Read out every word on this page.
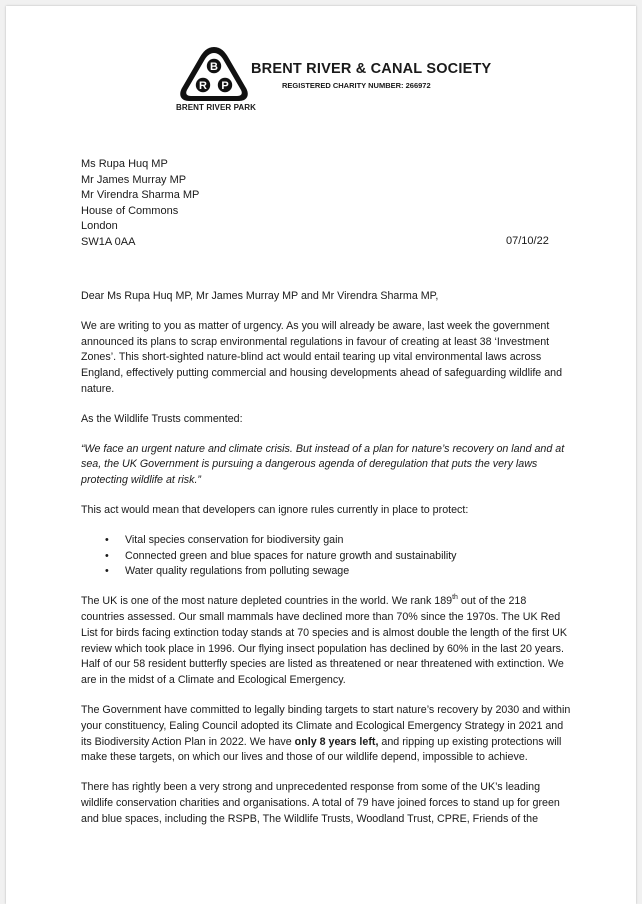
B
R P
BRENT RIVER PARK
BRENT RIVER & CANAL SOCIETY
REGISTERED CHARITY NUMBER: 266972
Ms Rupa Huq MP
Mr James Murray MP
Mr Virendra Sharma MP
House of Commons
London
SW1A 0AA	07/10/22

Dear Ms Rupa Huq MP, Mr James Murray MP and Mr Virendra Sharma MP,

We are writing to you as matter of urgency. As you will already be aware, last week the government announced its plans to scrap environmental regulations in favour of creating at least 38 ‘Investment Zones’. This short-sighted nature-blind act would entail tearing up vital environmental laws across England, effectively putting commercial and housing developments ahead of safeguarding wildlife and nature.

As the Wildlife Trusts commented:

“We face an urgent nature and climate crisis. But instead of a plan for nature’s recovery on land and at sea, the UK Government is pursuing a dangerous agenda of deregulation that puts the very laws protecting wildlife at risk.”

This act would mean that developers can ignore rules currently in place to protect:

• Vital species conservation for biodiversity gain
• Connected green and blue spaces for nature growth and sustainability
• Water quality regulations from polluting sewage

The UK is one of the most nature depleted countries in the world. We rank 189th out of the 218 countries assessed. Our small mammals have declined more than 70% since the 1970s. The UK Red List for birds facing extinction today stands at 70 species and is almost double the length of the first UK review which took place in 1996. Our flying insect population has declined by 60% in the last 20 years. Half of our 58 resident butterfly species are listed as threatened or near threatened with extinction. We are in the midst of a Climate and Ecological Emergency.

The Government have committed to legally binding targets to start nature’s recovery by 2030 and within your constituency, Ealing Council adopted its Climate and Ecological Emergency Strategy in 2021 and its Biodiversity Action Plan in 2022. We have only 8 years left, and ripping up existing protections will make these targets, on which our lives and those of our wildlife depend, impossible to achieve.

There has rightly been a very strong and unprecedented response from some of the UK’s leading wildlife conservation charities and organisations. A total of 79 have joined forces to stand up for green and blue spaces, including the RSPB, The Wildlife Trusts, Woodland Trust, CPRE, Friends of the
